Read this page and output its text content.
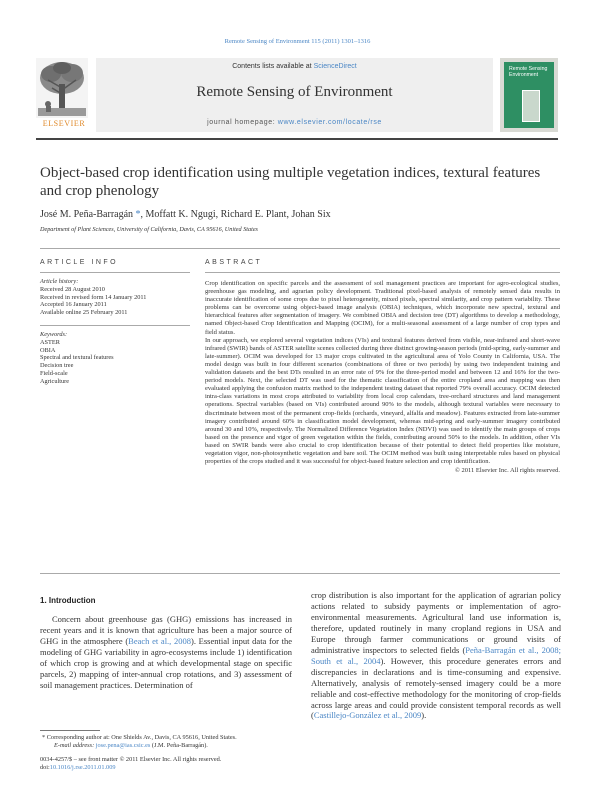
Remote Sensing of Environment 115 (2011) 1301–1316
ELSEVIER
Contents lists available at ScienceDirect
Remote Sensing of Environment
journal homepage: www.elsevier.com/locate/rse
Remote Sensing Environment
Object-based crop identification using multiple vegetation indices, textural features and crop phenology
José M. Peña-Barragán *, Moffatt K. Ngugi, Richard E. Plant, Johan Six
Department of Plant Sciences, University of California, Davis, CA 95616, United States
ARTICLE INFO
Article history:
Received 28 August 2010
Received in revised form 14 January 2011
Accepted 16 January 2011
Available online 25 February 2011
Keywords:
ASTER
OBIA
Spectral and textural features
Decision tree
Field-scale
Agriculture
ABSTRACT

Crop identification on specific parcels and the assessment of soil management practices are important for agro-ecological studies, greenhouse gas modeling, and agrarian policy development. Traditional pixel-based analysis of remotely sensed data results in inaccurate identification of some crops due to pixel heterogeneity, mixed pixels, spectral similarity, and crop pattern variability. These problems can be overcome using object-based image analysis (OBIA) techniques, which incorporate new spectral, textural and hierarchical features after segmentation of imagery. We combined OBIA and decision tree (DT) algorithms to develop a methodology, named Object-based Crop Identification and Mapping (OCIM), for a multi-seasonal assessment of a large number of crop types and field status.

In our approach, we explored several vegetation indices (VIs) and textural features derived from visible, near-infrared and short-wave infrared (SWIR) bands of ASTER satellite scenes collected during three distinct growing-season periods (mid-spring, early-summer and late-summer). OCIM was developed for 13 major crops cultivated in the agricultural area of Yolo County in California, USA. The model design was built in four different scenarios (combinations of three or two periods) by using two independent training and validation datasets and the best DTs resulted in an error rate of 9% for the three-period model and between 12 and 16% for the two-period models. Next, the selected DT was used for the thematic classification of the entire cropland area and mapping was then evaluated applying the confusion matrix method to the independent testing dataset that reported 79% overall accuracy. OCIM detected intra-class variations in most crops attributed to variability from local crop calendars, tree-orchard structures and land management operations. Spectral variables (based on VIs) contributed around 90% to the models, although textural variables were necessary to discriminate between most of the permanent crop-fields (orchards, vineyard, alfalfa and meadow). Features extracted from late-summer imagery contributed around 60% in classification model development, whereas mid-spring and early-summer imagery contributed around 30 and 10%, respectively. The Normalized Difference Vegetation Index (NDVI) was used to identify the main groups of crops based on the presence and vigor of green vegetation within the fields, contributing around 50% to the models. In addition, other VIs based on SWIR bands were also crucial to crop identification because of their potential to detect field properties like moisture, vegetation vigor, non-photosynthetic vegetation and bare soil. The OCIM method was built using interpretable rules based on physical properties of the crops studied and it was successful for object-based feature selection and crop identification.

© 2011 Elsevier Inc. All rights reserved.
1. Introduction

Concern about greenhouse gas (GHG) emissions has increased in recent years and it is known that agriculture has been a major source of GHG in the atmosphere (Beach et al., 2008). Essential input data for the modeling of GHG variability in agro-ecosystems include 1) identification of which crop is growing and at which developmental stage on specific parcels, 2) mapping of inter-annual crop rotations, and 3) assessment of soil management practices. Determination of

crop distribution is also important for the application of agrarian policy actions related to subsidy payments or implementation of agro-environmental measurements. Agricultural land use information is, therefore, updated routinely in many cropland regions in USA and Europe through farmer communications or ground visits of administrative inspectors to selected fields (Peña-Barragán et al., 2008; South et al., 2004). However, this procedure generates errors and discrepancies in declarations and is time-consuming and expensive. Alternatively, analysis of remotely-sensed imagery could be a more reliable and cost-effective methodology for the monitoring of crop-fields across large areas and could provide consistent temporal records as well (Castillejo-González et al., 2009).

* Corresponding author at: One Shields Av., Davis, CA 95616, United States.
E-mail address: jose.pena@ias.csic.es (J.M. Peña-Barragán).
0034-4257/$ – see front matter © 2011 Elsevier Inc. All rights reserved.
doi:10.1016/j.rse.2011.01.009
